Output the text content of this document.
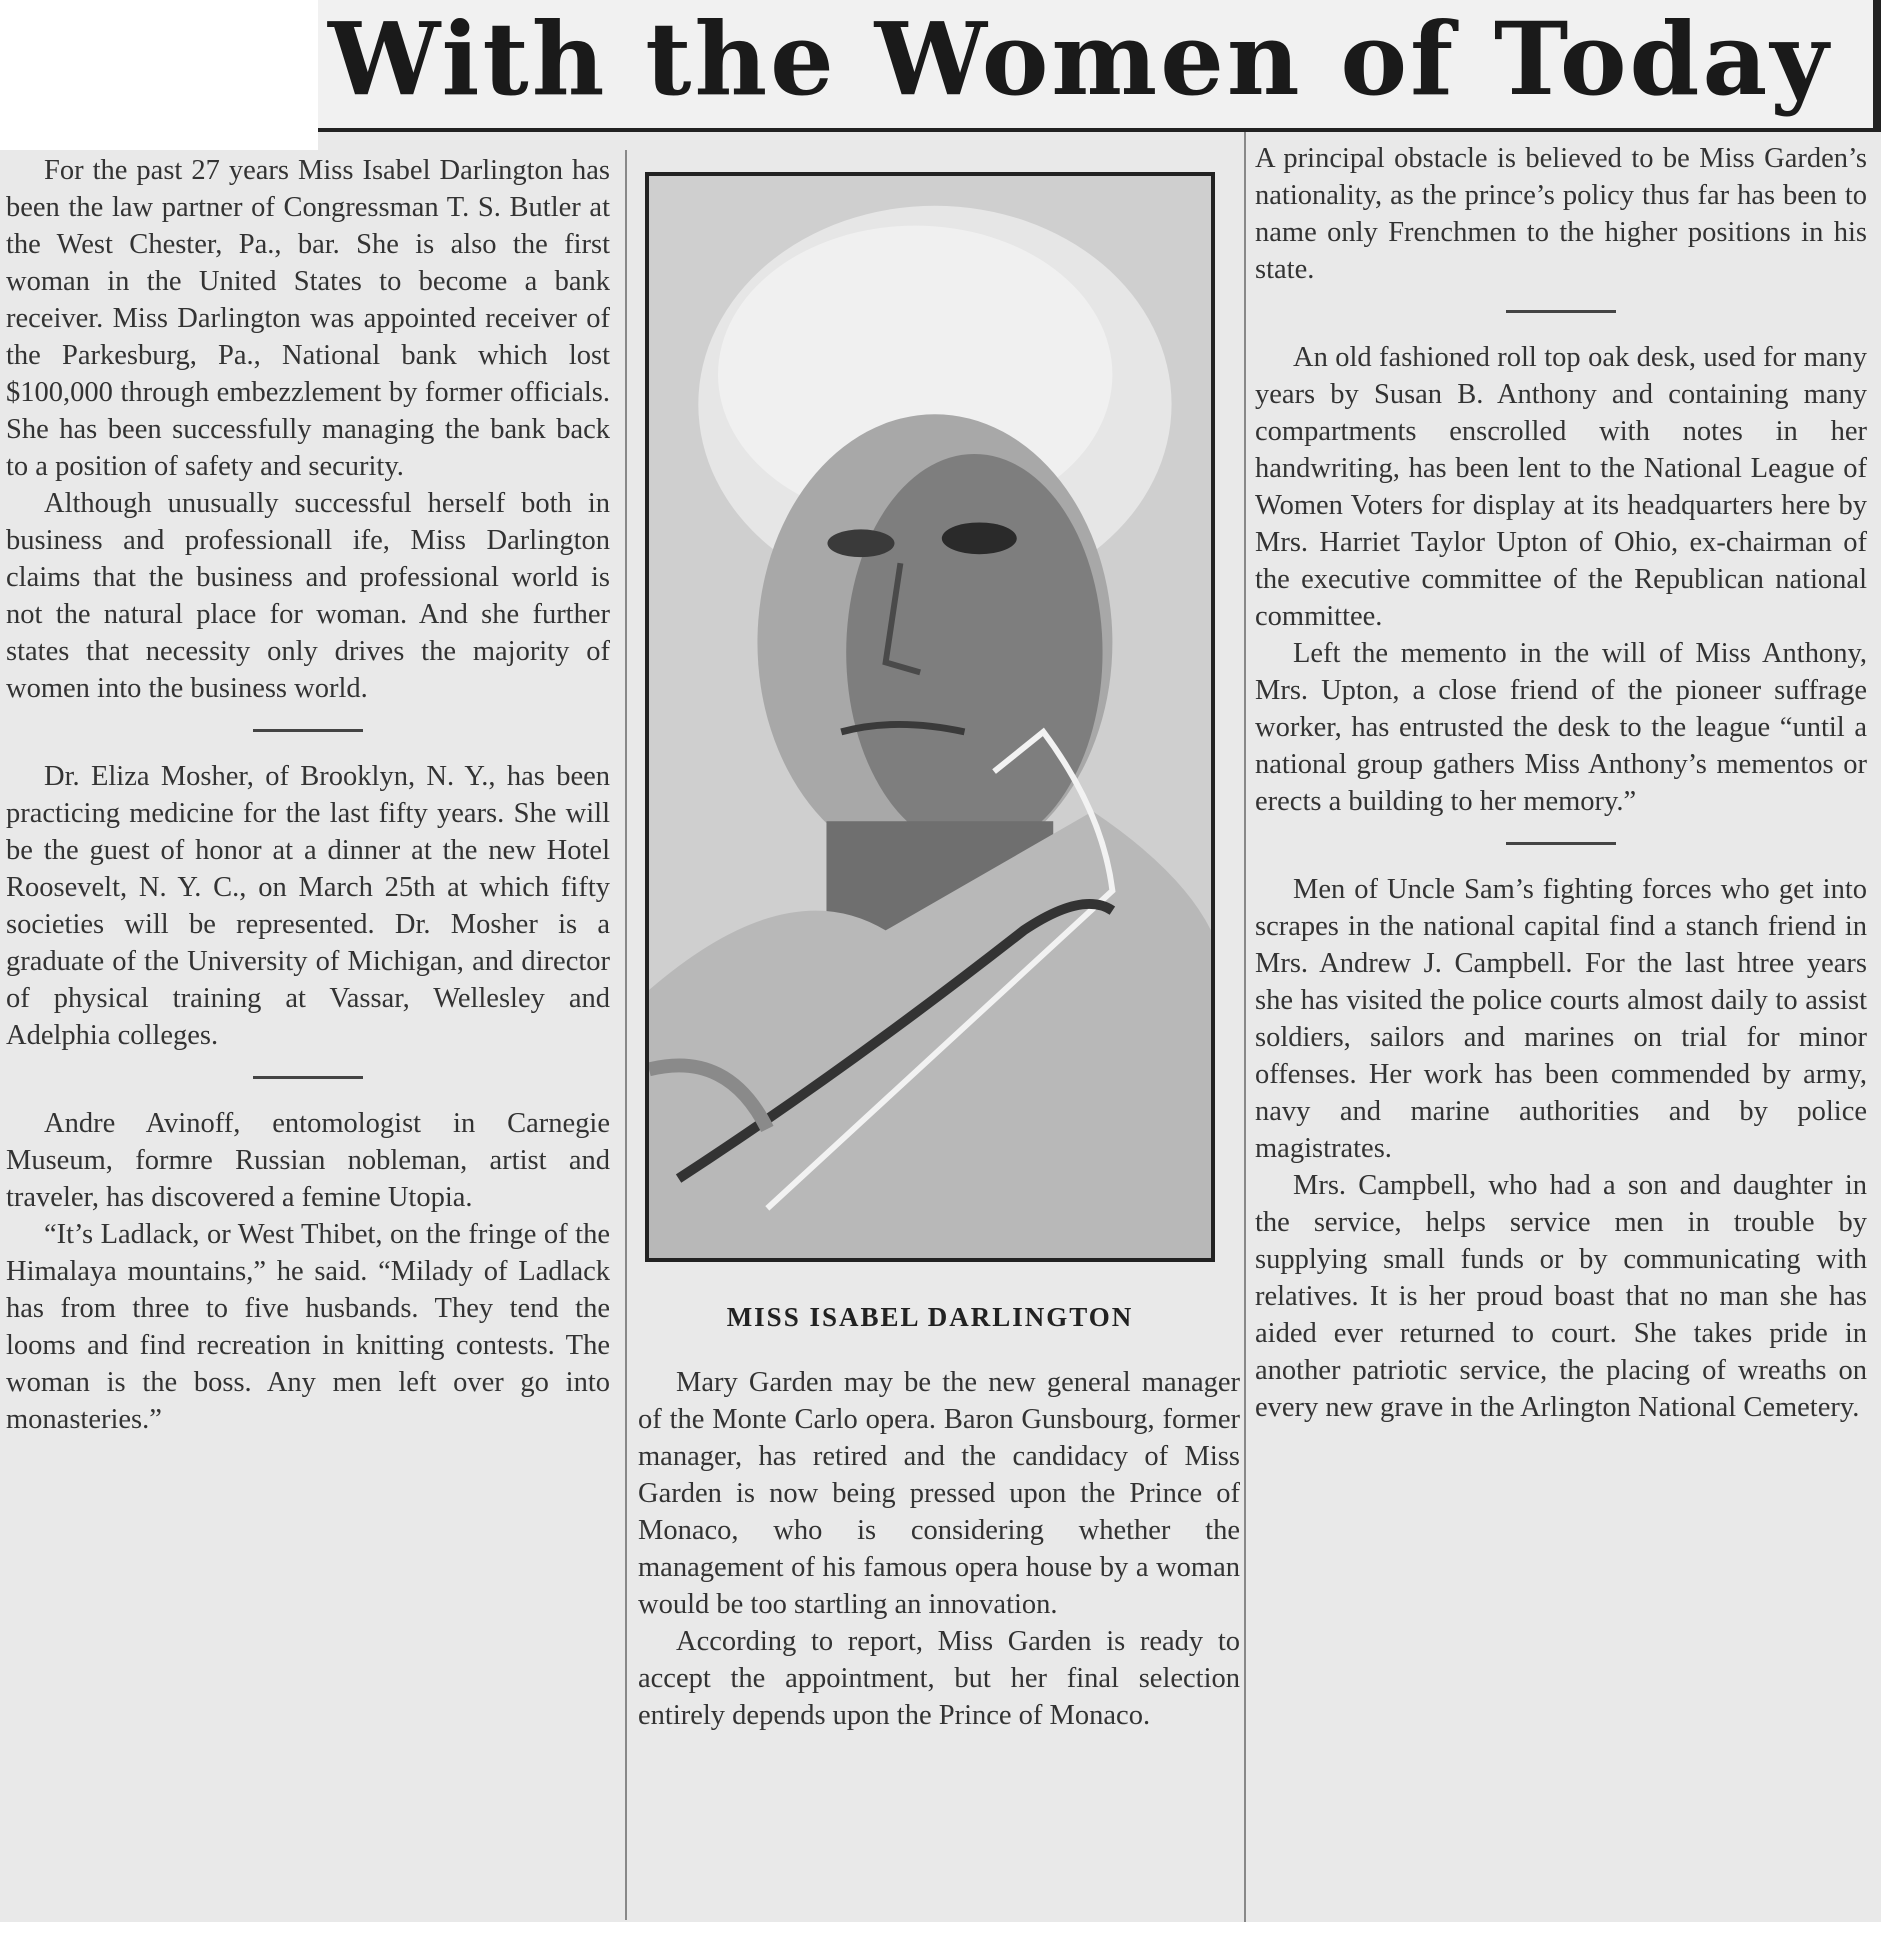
With the Women of Today

For the past 27 years Miss Isabel Darlington has been the law partner of Congressman T. S. Butler at the West Chester, Pa., bar. She is also the first woman in the United States to become a bank receiver. Miss Darlington was appointed receiver of the Parkesburg, Pa., National bank which lost $100,000 through embezzlement by former officials. She has been successfully managing the bank back to a position of safety and security.

Although unusually successful herself both in business and professionall ife, Miss Darlington claims that the business and professional world is not the natural place for woman. And she further states that necessity only drives the majority of women into the business world.

Dr. Eliza Mosher, of Brooklyn, N. Y., has been practicing medicine for the last fifty years. She will be the guest of honor at a dinner at the new Hotel Roosevelt, N. Y. C., on March 25th at which fifty societies will be represented. Dr. Mosher is a graduate of the University of Michigan, and director of physical training at Vassar, Wellesley and Adelphia colleges.

Andre Avinoff, entomologist in Carnegie Museum, formre Russian nobleman, artist and traveler, has discovered a femine Utopia.

“It’s Ladlack, or West Thibet, on the fringe of the Himalaya mountains,” he said. “Milady of Ladlack has from three to five husbands. They tend the looms and find recreation in knitting contests. The woman is the boss. Any men left over go into monasteries.”

MISS ISABEL DARLINGTON

Mary Garden may be the new general manager of the Monte Carlo opera. Baron Gunsbourg, former manager, has retired and the candidacy of Miss Garden is now being pressed upon the Prince of Monaco, who is considering whether the management of his famous opera house by a woman would be too startling an innovation.

According to report, Miss Garden is ready to accept the appointment, but her final selection entirely depends upon the Prince of Monaco.

A principal obstacle is believed to be Miss Garden’s nationality, as the prince’s policy thus far has been to name only Frenchmen to the higher positions in his state.

An old fashioned roll top oak desk, used for many years by Susan B. Anthony and containing many compartments enscrolled with notes in her handwriting, has been lent to the National League of Women Voters for display at its headquarters here by Mrs. Harriet Taylor Upton of Ohio, ex-chairman of the executive committee of the Republican national committee.

Left the memento in the will of Miss Anthony, Mrs. Upton, a close friend of the pioneer suffrage worker, has entrusted the desk to the league “until a national group gathers Miss Anthony’s mementos or erects a building to her memory.”

Men of Uncle Sam’s fighting forces who get into scrapes in the national capital find a stanch friend in Mrs. Andrew J. Campbell. For the last htree years she has visited the police courts almost daily to assist soldiers, sailors and marines on trial for minor offenses. Her work has been commended by army, navy and marine authorities and by police magistrates.

Mrs. Campbell, who had a son and daughter in the service, helps service men in trouble by supplying small funds or by communicating with relatives. It is her proud boast that no man she has aided ever returned to court. She takes pride in another patriotic service, the placing of wreaths on every new grave in the Arlington National Cemetery.
